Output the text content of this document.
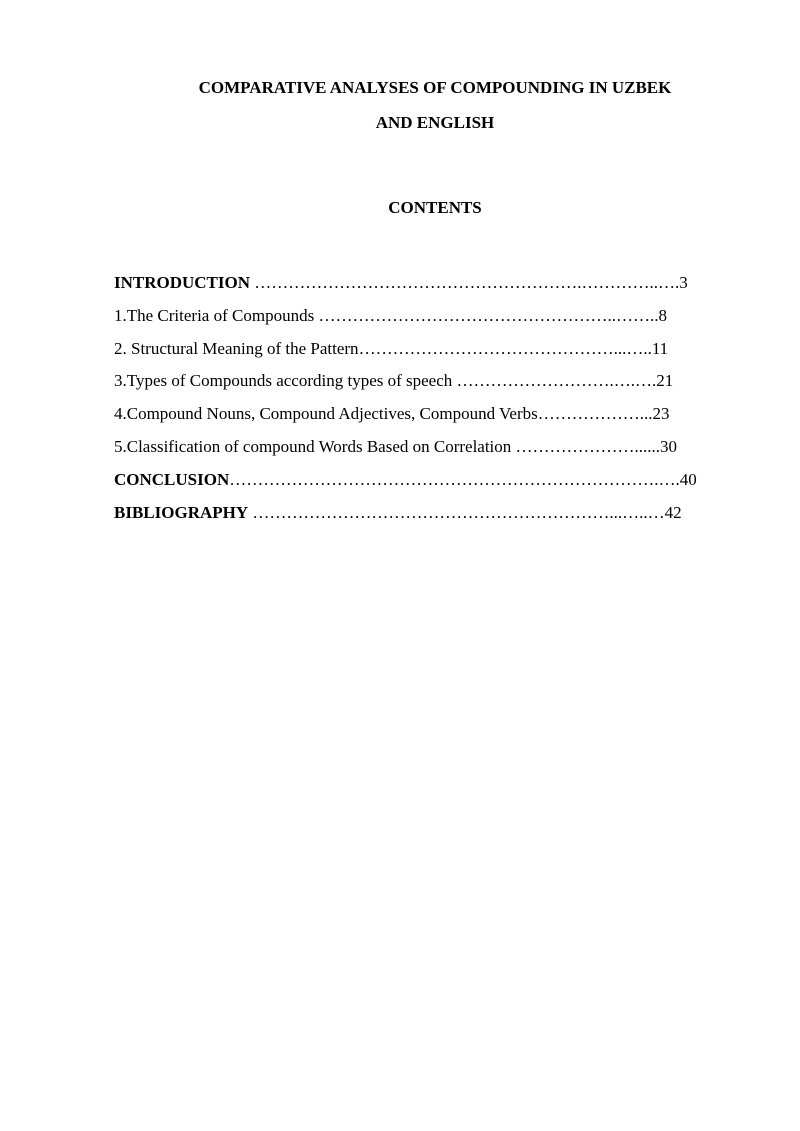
COMPARATIVE ANALYSES OF COMPOUNDING IN UZBEK
AND ENGLISH
CONTENTS
INTRODUCTION ………………………………………………….…………..….3
1.The Criteria of Compounds ……………………………………………..……..8
2. Structural Meaning of the Pattern………………………………………...…..11
3.Types of Compounds according types of speech ……………………….….….21
4.Compound Nouns, Compound Adjectives, Compound Verbs………………...23
5.Classification of compound Words Based on Correlation …………………......30
CONCLUSION………………………………………………………………….….40
BIBLIOGRAPHY ………………………………………………………...…..…42
